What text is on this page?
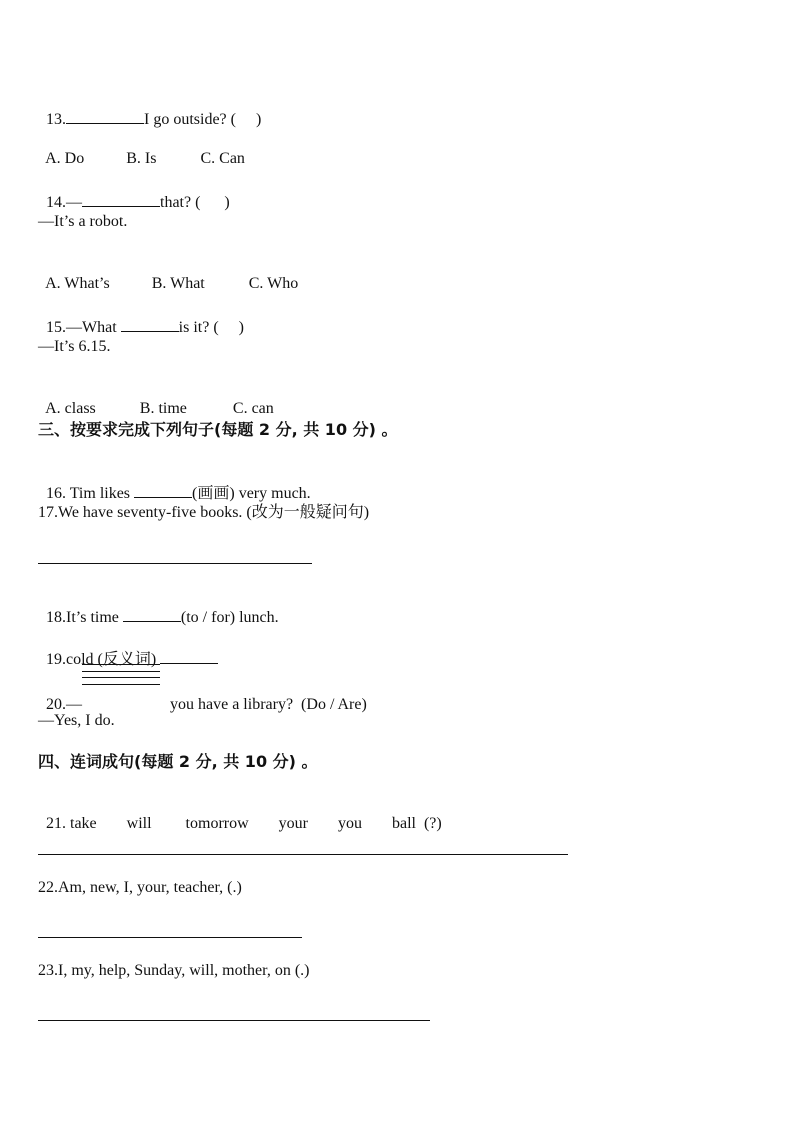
13.	I go outside? (     )

A. Do	B. Is	C. Can

14.—	that? (      )

—It’s a robot.

A. What’s	B. What	C. Who

15.—What	is it? (     )

—It’s 6.15.

A. class	B. time	C. can

三、按要求完成下列句子(每题 2 分, 共 10 分) 。

16. Tim likes	(画画) very much.

17.We have seventy-five books. (改为一般疑问句)

18.It’s time	(to / for) lunch.

19.cold (反义词)

20.—	you have a library?  (Do / Are)

—Yes, I do.
四、连词成句(每题 2 分, 共 10 分) 。

21. take will tomorrow your you ball  (?)

22.Am, new, I, your, teacher, (.)
23.I, my, help, Sunday, will, mother, on (.)
